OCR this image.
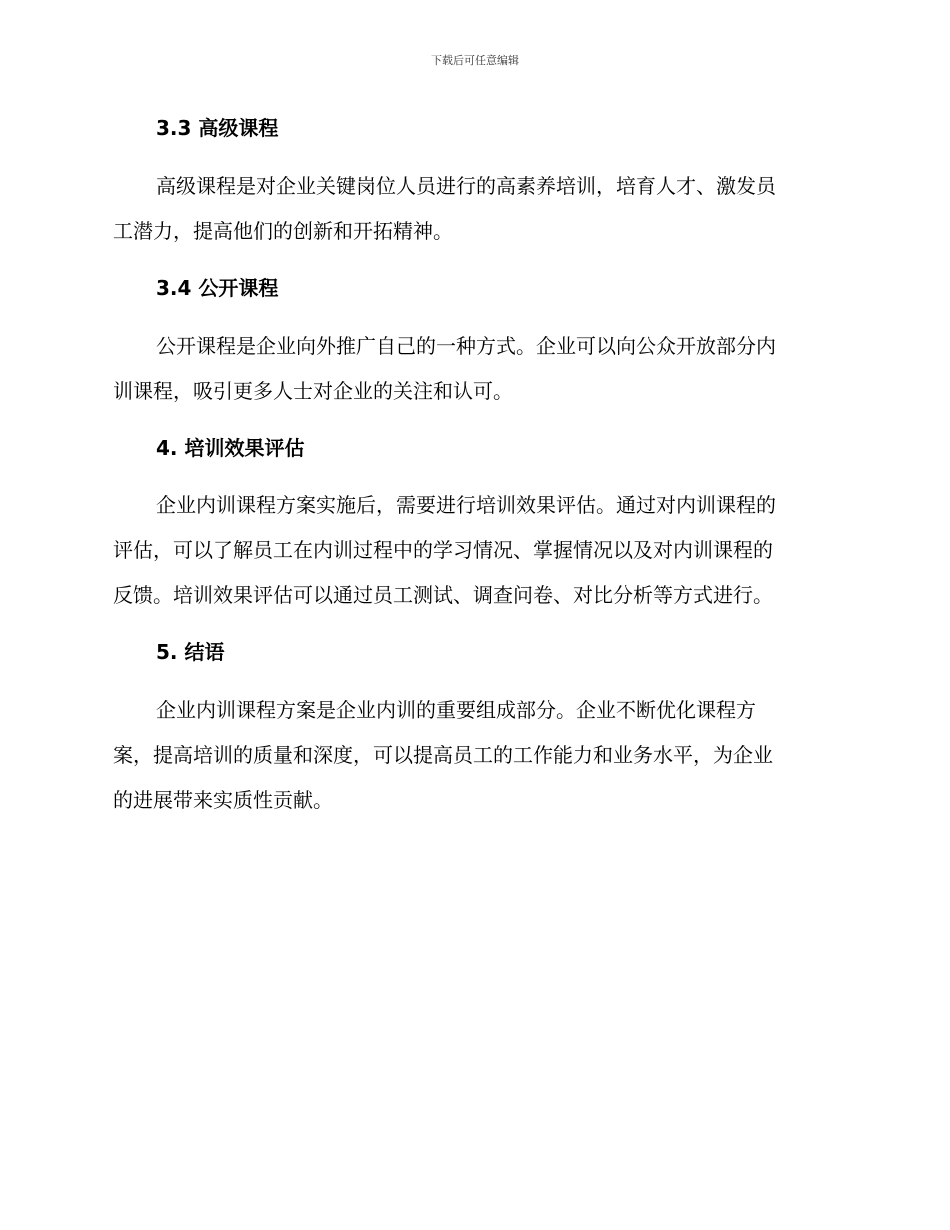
下载后可任意编辑
3.3 高级课程
高级课程是对企业关键岗位人员进行的高素养培训，培育人才、激发员
工潜力，提高他们的创新和开拓精神。
3.4 公开课程
公开课程是企业向外推广自己的一种方式。企业可以向公众开放部分内
训课程，吸引更多人士对企业的关注和认可。
4. 培训效果评估
企业内训课程方案实施后，需要进行培训效果评估。通过对内训课程的
评估，可以了解员工在内训过程中的学习情况、掌握情况以及对内训课程的
反馈。培训效果评估可以通过员工测试、调查问卷、对比分析等方式进行。
5. 结语
企业内训课程方案是企业内训的重要组成部分。企业不断优化课程方
案，提高培训的质量和深度，可以提高员工的工作能力和业务水平，为企业
的进展带来实质性贡献。
